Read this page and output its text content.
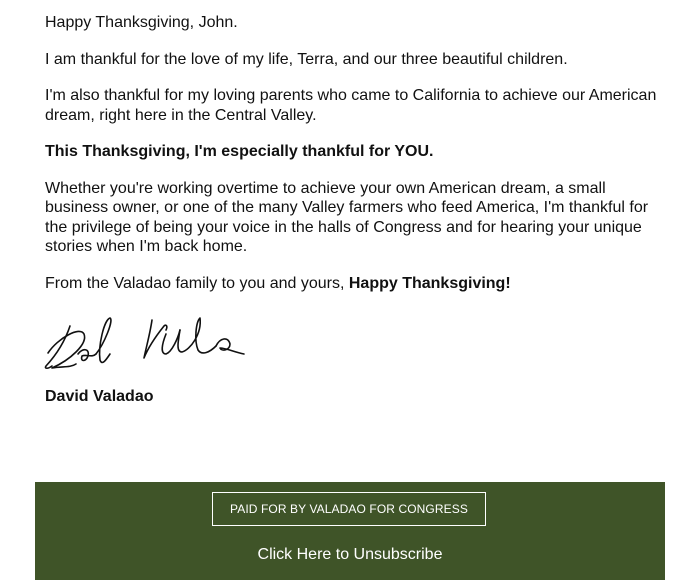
Happy Thanksgiving, John.

I am thankful for the love of my life, Terra, and our three beautiful children.

I'm also thankful for my loving parents who came to California to achieve our American dream, right here in the Central Valley.

This Thanksgiving, I'm especially thankful for YOU.

Whether you're working overtime to achieve your own American dream, a small business owner, or one of the many Valley farmers who feed America, I'm thankful for the privilege of being your voice in the halls of Congress and for hearing your unique stories when I'm back home.

From the Valadao family to you and yours, Happy Thanksgiving!

David Valadao
PAID FOR BY VALADAO FOR CONGRESS
Click Here to Unsubscribe
